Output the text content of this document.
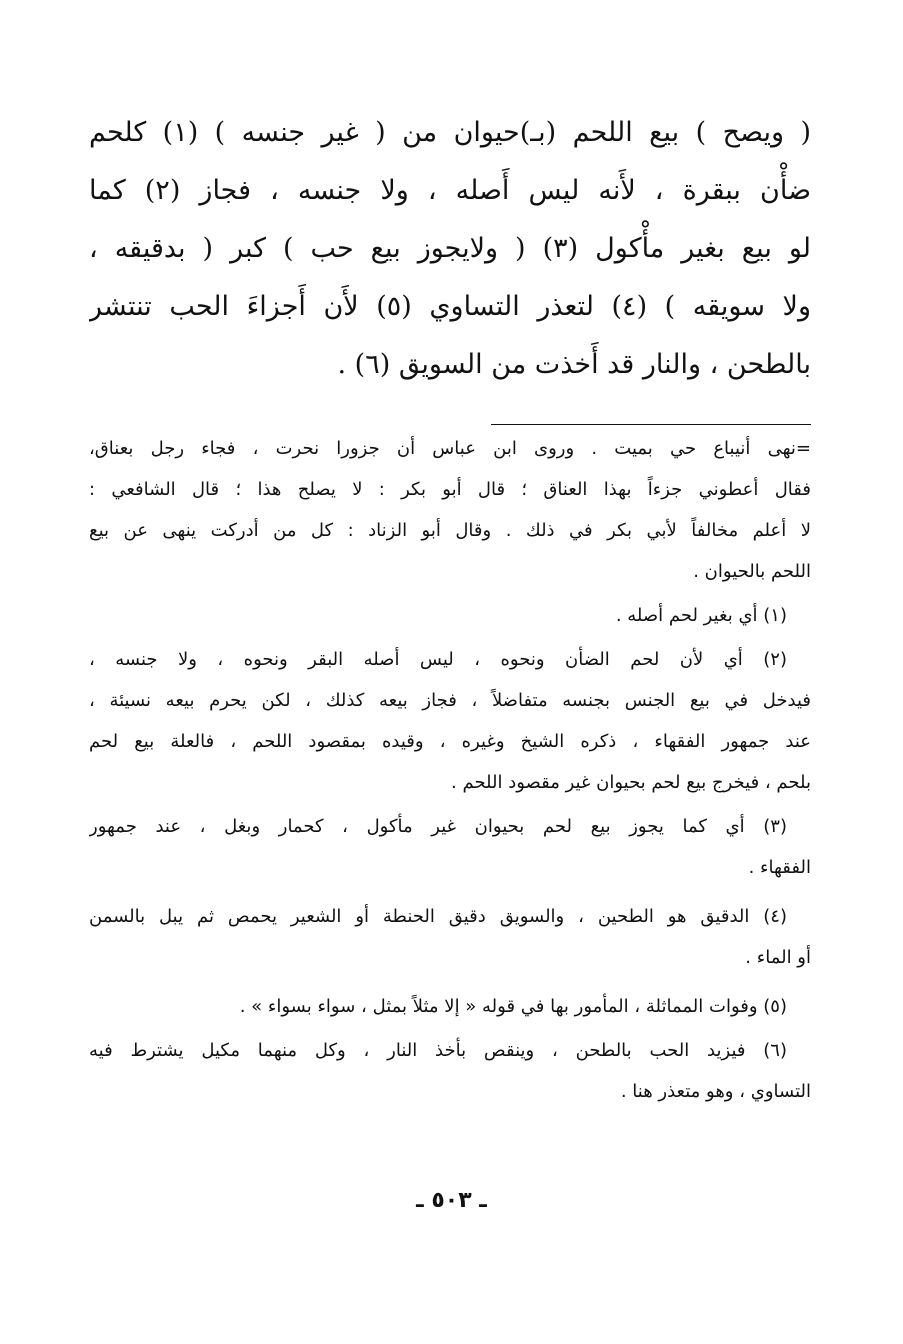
( ويصح ) بيع اللحم (بـ)حيوان من ( غير جنسه ) (١) كلحم
ضأْن ببقرة ، لأَنه ليس أَصله ، ولا جنسه ، فجاز (٢) كما
لو بيع بغير مأْكول (٣) ( ولايجوز بيع حب ) كبر ( بدقيقه ،
ولا سويقه ) (٤) لتعذر التساوي (٥) لأَن أَجزاءَ الحب تنتشر
بالطحن ، والنار قد أَخذت من السويق (٦) .
=نهى أنيباع حي بميت . وروى ابن عباس أن جزورا نحرت ، فجاء رجل بعناق،
فقال أعطوني جزءاً بهذا العناق ؛ قال أبو بكر : لا يصلح هذا ؛ قال الشافعي :
لا أعلم مخالفاً لأبي بكر في ذلك . وقال أبو الزناد : كل من أدركت ينهى عن بيع
اللحم بالحيوان .
(١) أي بغير لحم أصله .
(٢) أي لأن لحم الضأن ونحوه ، ليس أصله البقر ونحوه ، ولا جنسه ،
فيدخل في بيع الجنس بجنسه متفاضلاً ، فجاز بيعه كذلك ، لكن يحرم بيعه نسيئة ،
عند جمهور الفقهاء ، ذكره الشيخ وغيره ، وقيده بمقصود اللحم ، فالعلة بيع لحم
بلحم ، فيخرج بيع لحم بحيوان غير مقصود اللحم .
(٣) أي كما يجوز بيع لحم بحيوان غير مأكول ، كحمار وبغل ، عند جمهور
الفقهاء .
(٤) الدقيق هو الطحين ، والسويق دقيق الحنطة أو الشعير يحمص ثم يبل بالسمن
أو الماء .
(٥) وفوات المماثلة ، المأمور بها في قوله « إلا مثلاً بمثل ، سواء بسواء » .
(٦) فيزيد الحب بالطحن ، وينقص بأخذ النار ، وكل منهما مكيل يشترط فيه
التساوي ، وهو متعذر هنا .
ـ ٥٠٣ ـ
